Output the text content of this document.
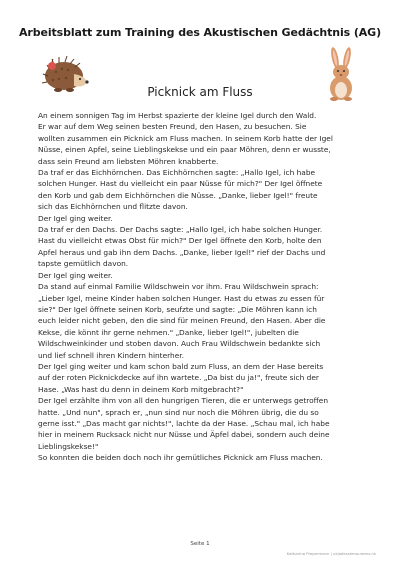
Arbeitsblatt zum Training des Akustischen Gedächtnis (AG)
Picknick am Fluss
An einem sonnigen Tag im Herbst spazierte der kleine Igel durch den Wald.
Er war auf dem Weg seinen besten Freund, den Hasen, zu besuchen. Sie
wollten zusammen ein Picknick am Fluss machen. In seinem Korb hatte der Igel
Nüsse, einen Apfel, seine Lieblingskekse und ein paar Möhren, denn er wusste,
dass sein Freund am liebsten Möhren knabberte.
Da traf er das Eichhörnchen. Das Eichhörnchen sagte: „Hallo Igel, ich habe
solchen Hunger. Hast du vielleicht ein paar Nüsse für mich?" Der Igel öffnete
den Korb und gab dem Eichhörnchen die Nüsse. „Danke, lieber Igel!" freute
sich das Eichhörnchen und flitzte davon.
Der Igel ging weiter.
Da traf er den Dachs. Der Dachs sagte: „Hallo Igel, ich habe solchen Hunger.
Hast du vielleicht etwas Obst für mich?" Der Igel öffnete den Korb, holte den
Apfel heraus und gab ihn dem Dachs. „Danke, lieber Igel!" rief der Dachs und
tapste gemütlich davon.
Der Igel ging weiter.
Da stand auf einmal Familie Wildschwein vor ihm. Frau Wildschwein sprach:
„Lieber Igel, meine Kinder haben solchen Hunger. Hast du etwas zu essen für
sie?" Der Igel öffnete seinen Korb, seufzte und sagte: „Die Möhren kann ich
euch leider nicht geben, den die sind für meinen Freund, den Hasen. Aber die
Kekse, die könnt ihr gerne nehmen." „Danke, lieber Igel!", jubelten die
Wildschweinkinder und stoben davon. Auch Frau Wildschwein bedankte sich
und lief schnell ihren Kindern hinterher.
Der Igel ging weiter und kam schon bald zum Fluss, an dem der Hase bereits
auf der roten Picknickdecke auf ihn wartete. „Da bist du ja!", freute sich der
Hase. „Was hast du denn in deinem Korb mitgebracht?"
Der Igel erzählte ihm von all den hungrigen Tieren, die er unterwegs getroffen
hatte. „Und nun", sprach er, „nun sind nur noch die Möhren übrig, die du so
gerne isst." „Das macht gar nichts!", lachte da der Hase. „Schau mal, ich habe
hier in meinem Rucksack nicht nur Nüsse und Äpfel dabei, sondern auch deine
Lieblingskekse!"
So konnten die beiden doch noch ihr gemütliches Picknick am Fluss machen.
Seite 1
Katharina Prepermann | ukjadesstenourems.nk
